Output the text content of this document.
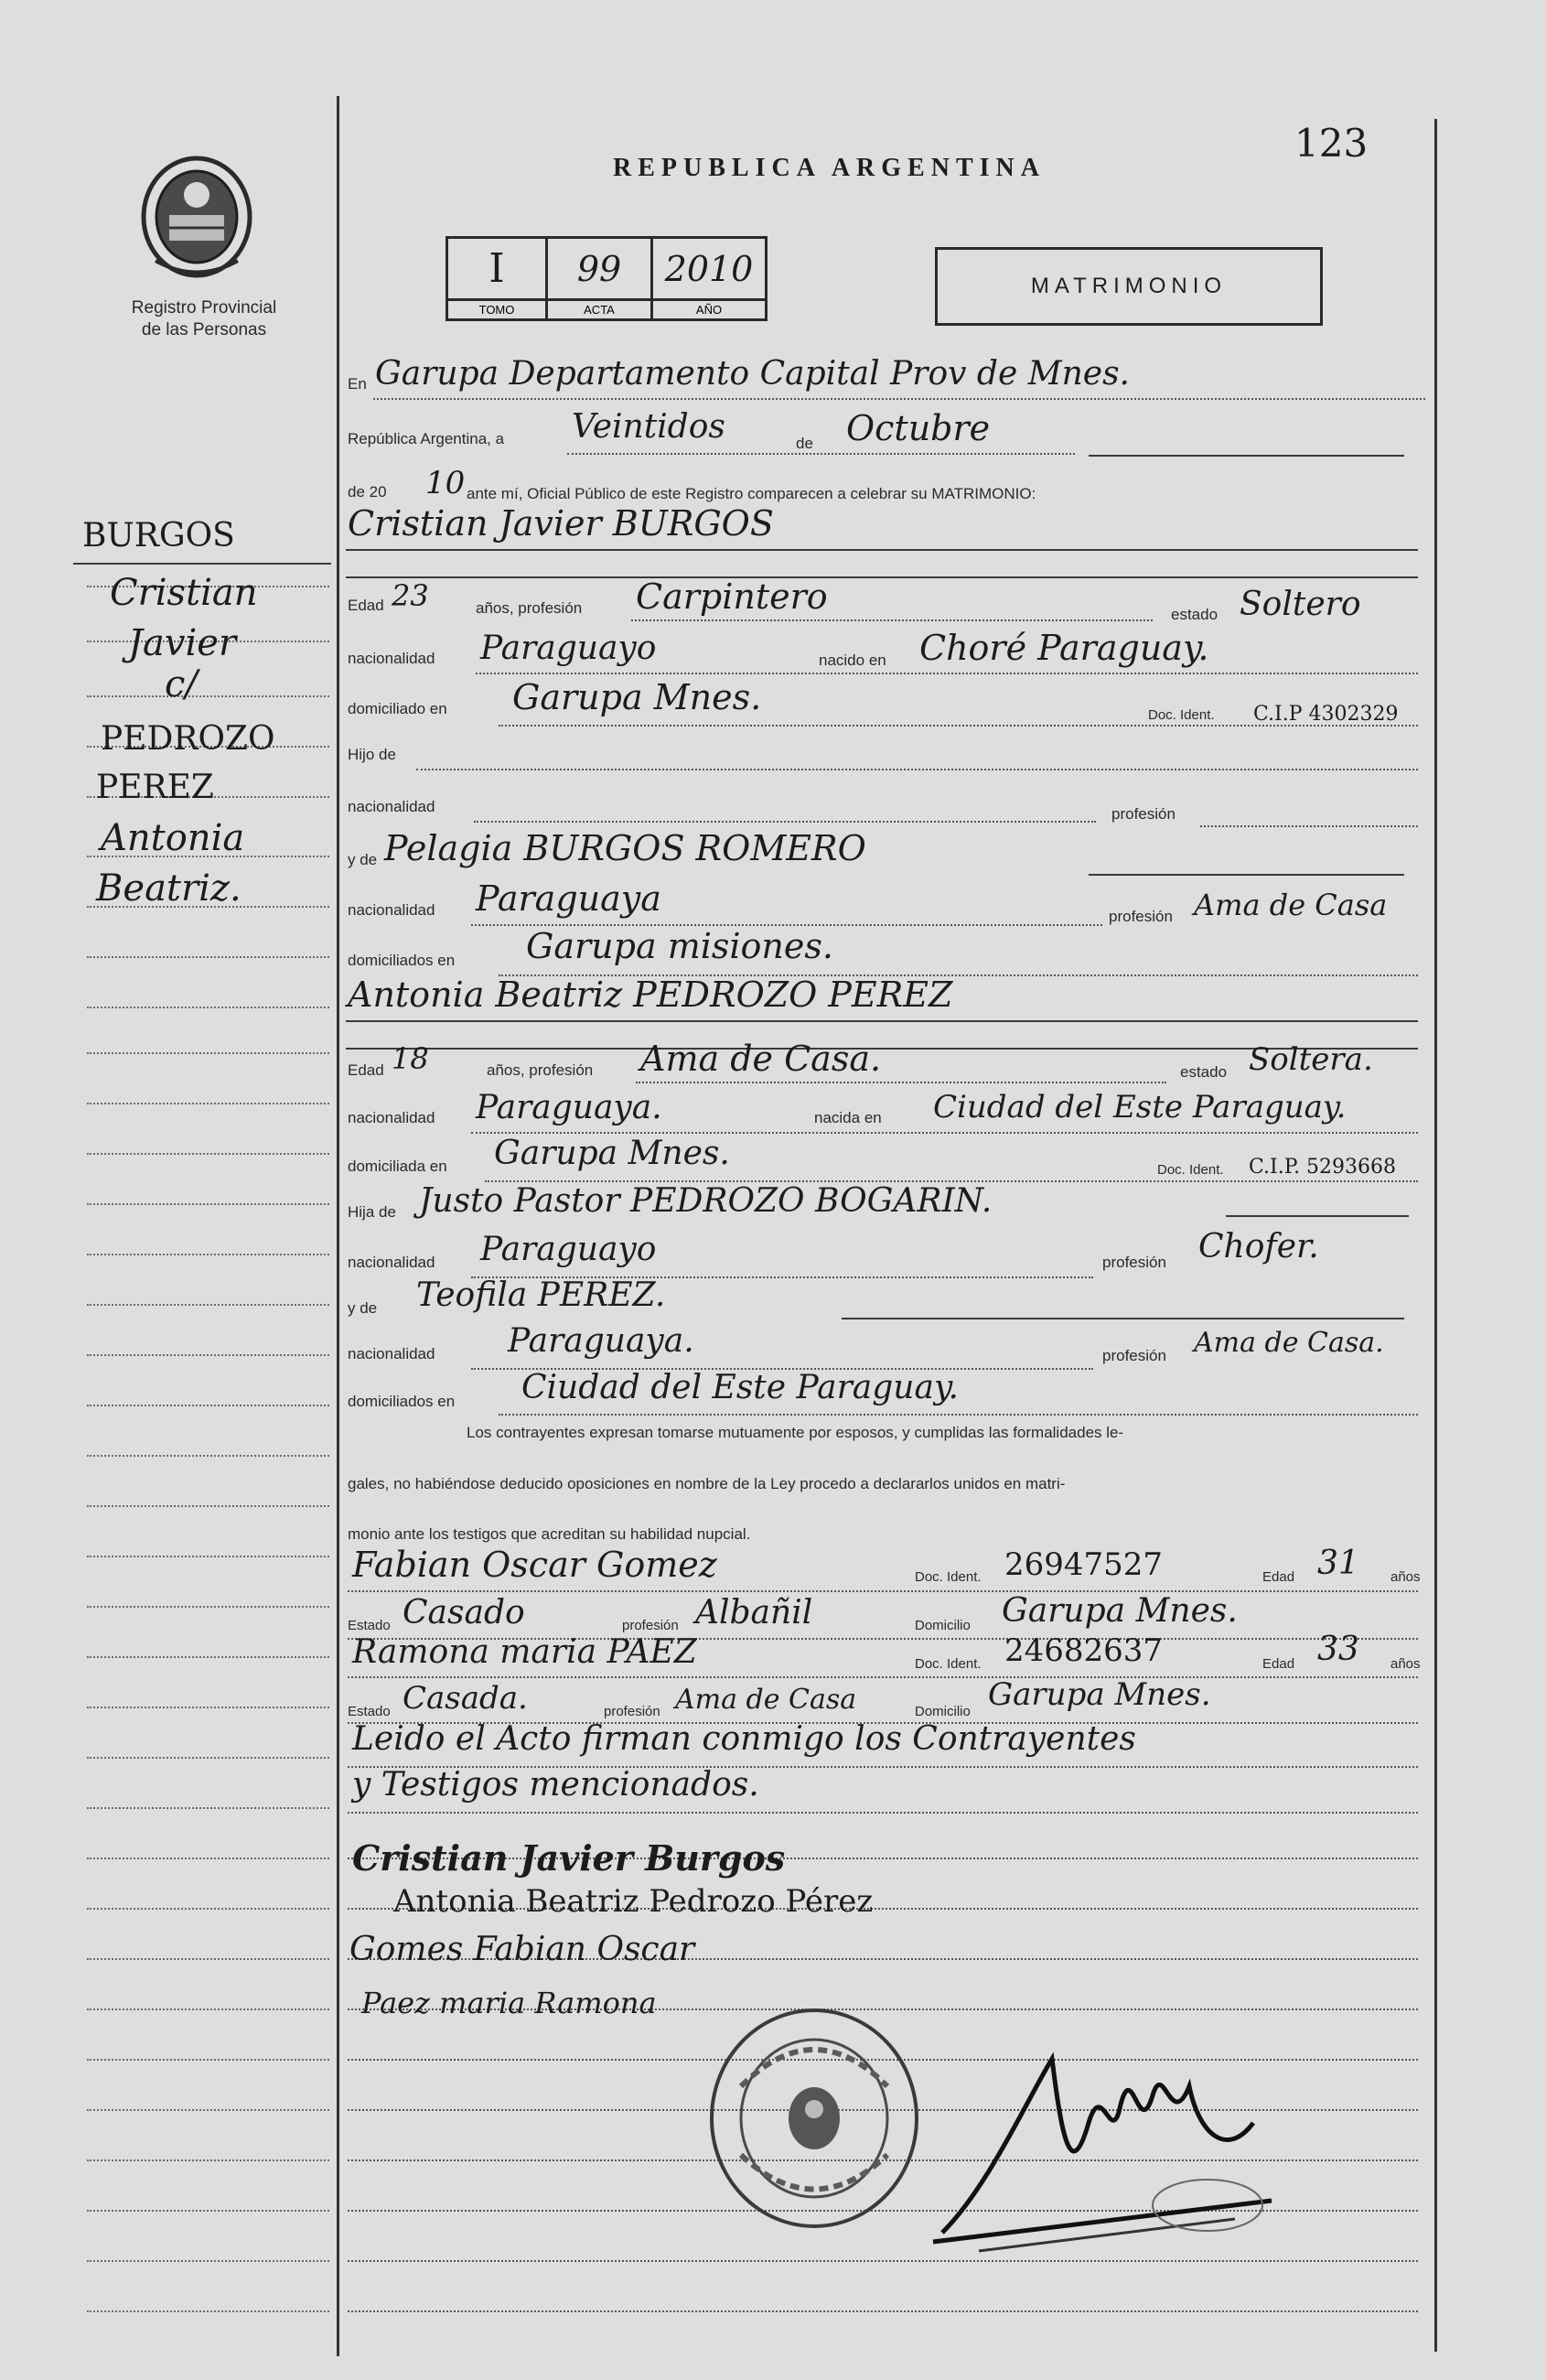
123
Registro Provincial
de las Personas
REPUBLICA ARGENTINA
I	99	2010
TOMO	ACTA	AÑO
MATRIMONIO
BURGOS
Cristian
Javier
c/
PEDROZO
PEREZ
Antonia
Beatriz.
En Garupa Departamento Capital Prov de Mnes.
República Argentina, a Veintidos	de Octubre
de 20 10 ante mí, Oficial Público de este Registro comparecen a celebrar su MATRIMONIO:
Cristian Javier BURGOS
Edad 23	años, profesión Carpintero	estado Soltero
nacionalidad Paraguayo	nacido en Choré Paraguay.
domiciliado en Garupa Mnes.	Doc. Ident. C.I.P 4302329
Hijo de
nacionalidad	profesión
y de Pelagia BURGOS ROMERO
nacionalidad Paraguaya	profesión Ama de Casa
domiciliados en Garupa misiones.
Antonia Beatriz PEDROZO PEREZ
Edad 18	años, profesión Ama de Casa.	estado Soltera.
nacionalidad Paraguaya.	nacida en Ciudad del Este Paraguay.
domiciliada en Garupa Mnes.	Doc. Ident. C.I.P. 5293668
Hija de Justo Pastor PEDROZO BOGARIN.
nacionalidad Paraguayo	profesión Chofer.
y de Teofila PEREZ.
nacionalidad Paraguaya.	profesión Ama de Casa.
domiciliados en Ciudad del Este Paraguay.
Los contrayentes expresan tomarse mutuamente por esposos, y cumplidas las formalidades le-
gales, no habiéndose deducido oposiciones en nombre de la Ley procedo a declararlos unidos en matri-
monio ante los testigos que acreditan su habilidad nupcial.
Fabian Oscar Gomez	Doc. Ident. 26947527	Edad 31 años
Estado Casado	profesión Albañil	Domicilio Garupa Mnes.
Ramona maria PAEZ	Doc. Ident. 24682637	Edad 33 años
Estado Casada.	profesión Ama de Casa	Domicilio Garupa Mnes.
Leido el Acto firman conmigo los Contrayentes
y Testigos mencionados.
Cristian Javier Burgos
Antonia Beatriz Pedrozo Pérez
Gomes Fabian Oscar
Paez maria Ramona
